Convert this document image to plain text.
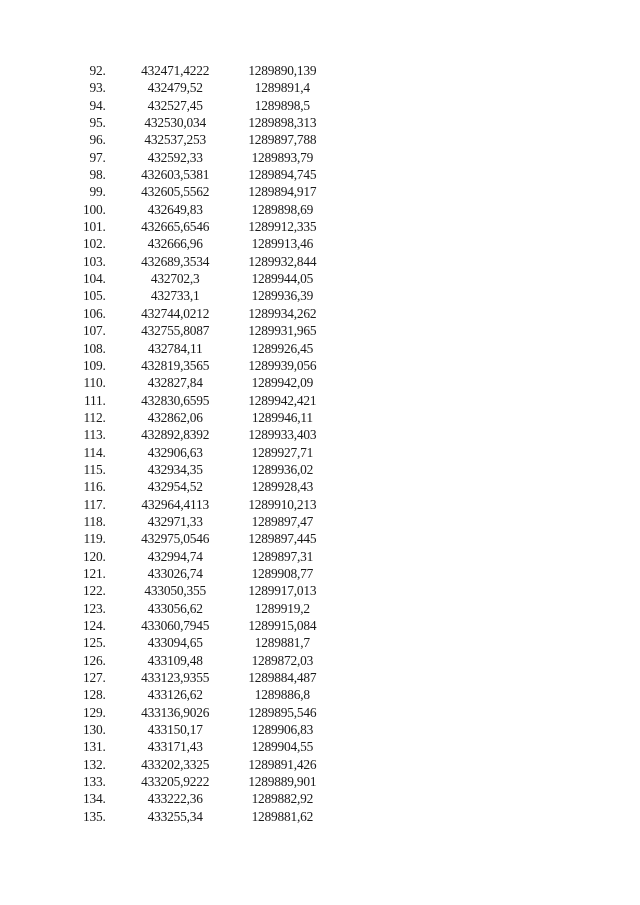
92.	432471,4222	1289890,139
93.	432479,52	1289891,4
94.	432527,45	1289898,5
95.	432530,034	1289898,313
96.	432537,253	1289897,788
97.	432592,33	1289893,79
98.	432603,5381	1289894,745
99.	432605,5562	1289894,917
100.	432649,83	1289898,69
101.	432665,6546	1289912,335
102.	432666,96	1289913,46
103.	432689,3534	1289932,844
104.	432702,3	1289944,05
105.	432733,1	1289936,39
106.	432744,0212	1289934,262
107.	432755,8087	1289931,965
108.	432784,11	1289926,45
109.	432819,3565	1289939,056
110.	432827,84	1289942,09
111.	432830,6595	1289942,421
112.	432862,06	1289946,11
113.	432892,8392	1289933,403
114.	432906,63	1289927,71
115.	432934,35	1289936,02
116.	432954,52	1289928,43
117.	432964,4113	1289910,213
118.	432971,33	1289897,47
119.	432975,0546	1289897,445
120.	432994,74	1289897,31
121.	433026,74	1289908,77
122.	433050,355	1289917,013
123.	433056,62	1289919,2
124.	433060,7945	1289915,084
125.	433094,65	1289881,7
126.	433109,48	1289872,03
127.	433123,9355	1289884,487
128.	433126,62	1289886,8
129.	433136,9026	1289895,546
130.	433150,17	1289906,83
131.	433171,43	1289904,55
132.	433202,3325	1289891,426
133.	433205,9222	1289889,901
134.	433222,36	1289882,92
135.	433255,34	1289881,62
